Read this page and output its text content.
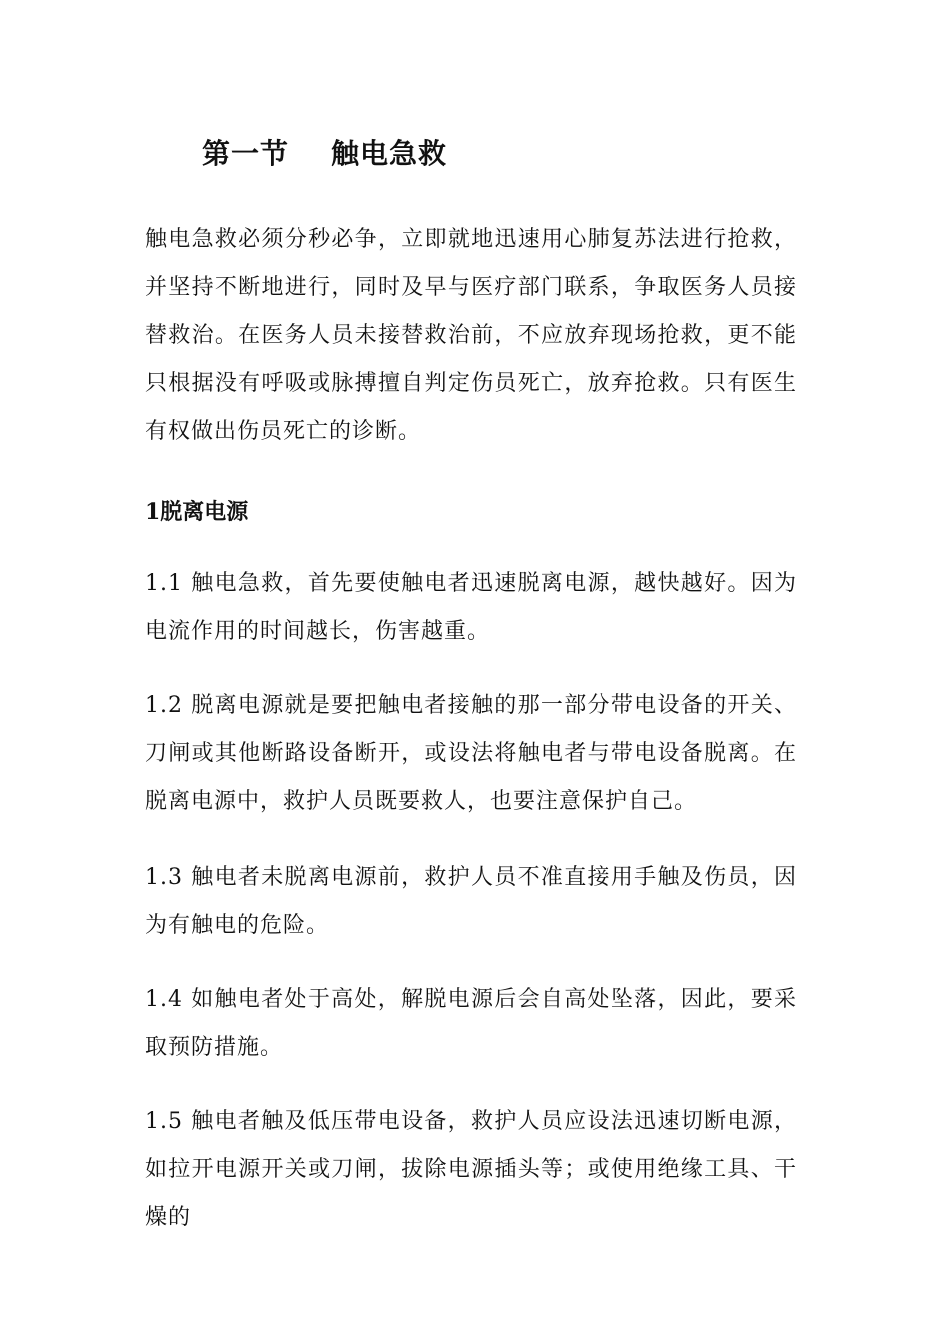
第一节 触电急救

触电急救必须分秒必争，立即就地迅速用心肺复苏法进行抢救，并坚持不断地进行，同时及早与医疗部门联系，争取医务人员接替救治。在医务人员未接替救治前，不应放弃现场抢救，更不能只根据没有呼吸或脉搏擅自判定伤员死亡，放弃抢救。只有医生有权做出伤员死亡的诊断。

1脱离电源

1.1 触电急救，首先要使触电者迅速脱离电源，越快越好。因为电流作用的时间越长，伤害越重。

1.2 脱离电源就是要把触电者接触的那一部分带电设备的开关、刀闸或其他断路设备断开，或设法将触电者与带电设备脱离。在脱离电源中，救护人员既要救人，也要注意保护自己。

1.3 触电者未脱离电源前，救护人员不准直接用手触及伤员，因为有触电的危险。

1.4 如触电者处于高处，解脱电源后会自高处坠落，因此，要采取预防措施。

1.5 触电者触及低压带电设备，救护人员应设法迅速切断电源，如拉开电源开关或刀闸，拔除电源插头等；或使用绝缘工具、干燥的
